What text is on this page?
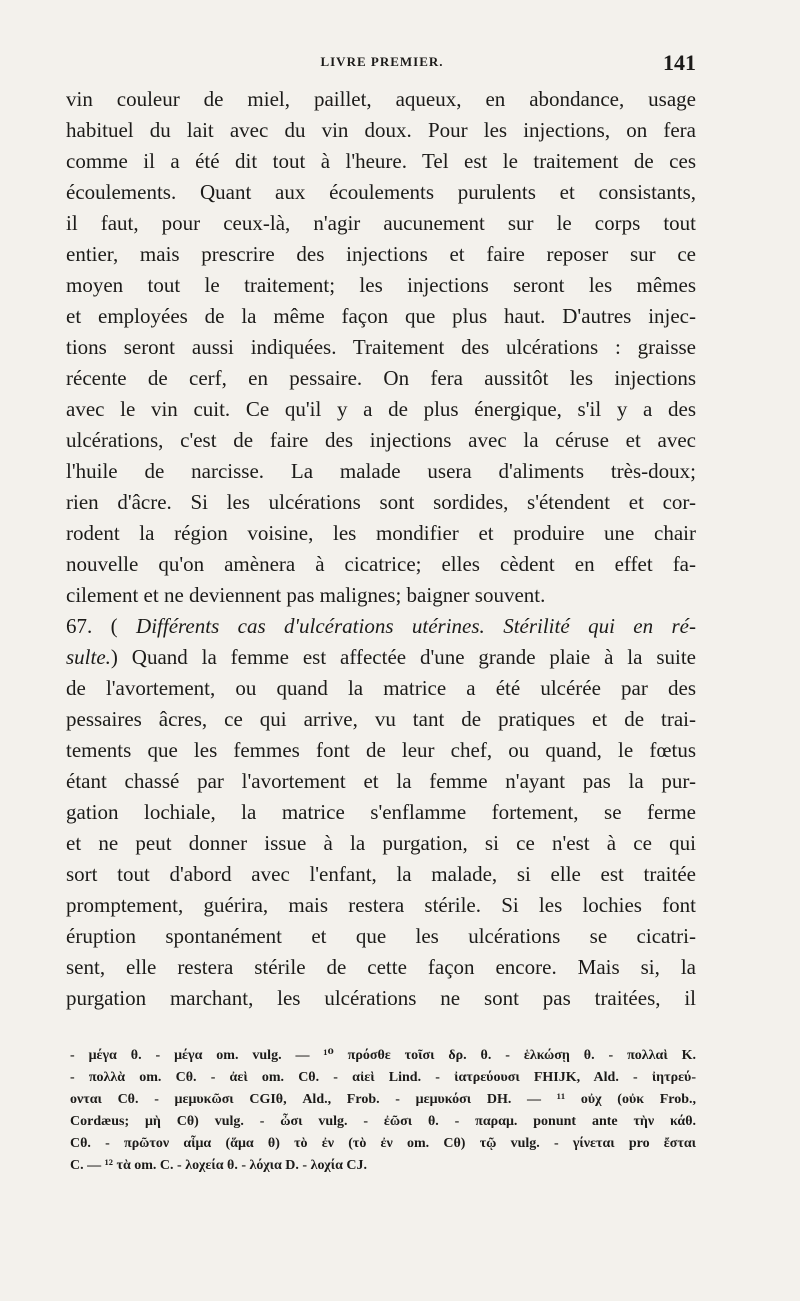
LIVRE PREMIER.	141
vin couleur de miel, paillet, aqueux, en abondance, usage
habituel du lait avec du vin doux. Pour les injections, on fera
comme il a été dit tout à l'heure. Tel est le traitement de ces
écoulements. Quant aux écoulements purulents et consistants,
il faut, pour ceux-là, n'agir aucunement sur le corps tout
entier, mais prescrire des injections et faire reposer sur ce
moyen tout le traitement; les injections seront les mêmes
et employées de la même façon que plus haut. D'autres injec-
tions seront aussi indiquées. Traitement des ulcérations : graisse
récente de cerf, en pessaire. On fera aussitôt les injections
avec le vin cuit. Ce qu'il y a de plus énergique, s'il y a des
ulcérations, c'est de faire des injections avec la céruse et avec
l'huile de narcisse. La malade usera d'aliments très-doux;
rien d'âcre. Si les ulcérations sont sordides, s'étendent et cor-
rodent la région voisine, les mondifier et produire une chair
nouvelle qu'on amènera à cicatrice; elles cèdent en effet fa-
cilement et ne deviennent pas malignes; baigner souvent.
67. ( Différents cas d'ulcérations utérines. Stérilité qui en ré-
sulte.) Quand la femme est affectée d'une grande plaie à la suite
de l'avortement, ou quand la matrice a été ulcérée par des
pessaires âcres, ce qui arrive, vu tant de pratiques et de trai-
tements que les femmes font de leur chef, ou quand, le fœtus
étant chassé par l'avortement et la femme n'ayant pas la pur-
gation lochiale, la matrice s'enflamme fortement, se ferme
et ne peut donner issue à la purgation, si ce n'est à ce qui
sort tout d'abord avec l'enfant, la malade, si elle est traitée
promptement, guérira, mais restera stérile. Si les lochies font
éruption spontanément et que les ulcérations se cicatri-
sent, elle restera stérile de cette façon encore. Mais si, la
purgation marchant, les ulcérations ne sont pas traitées, il
- μέγα θ. - μέγα om. vulg. — ¹⁰ πρόσθε τοῖσι δρ. θ. - ἑλκώσῃ θ. - πολλαὶ K.
- πολλὰ om. Cθ. - ἀεὶ om. Cθ. - αἰεὶ Lind. - ἰατρεύουσι FHIJK, Ald. - ἰητρεύ-
ονται Cθ. - μεμυκῶσι CGIθ, Ald., Frob. - μεμυκόσι DH. — ¹¹ οὐχ (οὐκ Frob.,
Cordæus; μὴ Cθ) vulg. - ὦσι vulg. - ἐῶσι θ. - παραμ. ponunt ante τὴν κάθ.
Cθ. - πρῶτον αἷμα (ἅμα θ) τὸ ἐν (τὸ ἐν om. Cθ) τῷ vulg. - γίνεται pro ἔσται
C. — ¹² τὰ om. C. - λοχεία θ. - λόχια D. - λοχία CJ.
